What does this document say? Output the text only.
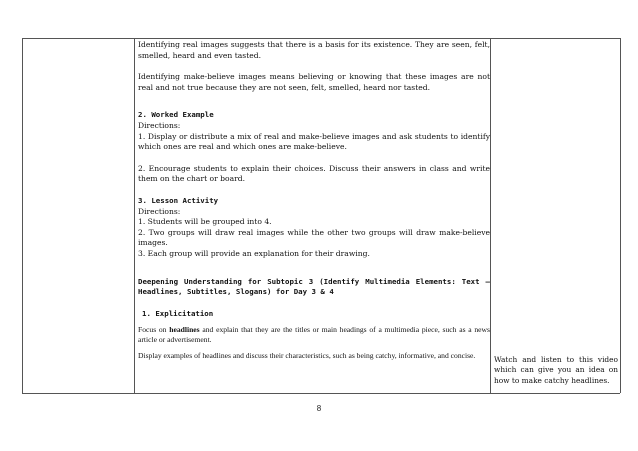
Identifying real images suggests that there is a basis for its existence. They are seen, felt, smelled, heard and even tasted.

Identifying make-believe images means believing or knowing that these images are not real and not true because they are not seen, felt, smelled, heard nor tasted.

2. Worked Example

Directions:

1. Display or distribute a mix of real and make-believe images and ask students to identify which ones are real and which ones are make-believe.

2. Encourage students to explain their choices. Discuss their answers in class and write them on the chart or board.

3. Lesson Activity

Directions:

1. Students will be grouped into 4.

2. Two groups will draw real images while the other two groups will draw make-believe images.

3. Each group will provide an explanation for their drawing.

Deepening Understanding for Subtopic 3 (Identify Multimedia Elements: Text – Headlines, Subtitles, Slogans) for Day 3 & 4

1. Explicitation

Focus on headlines and explain that they are the titles or main headings of a multimedia piece, such as a news article or advertisement.

Display examples of headlines and discuss their characteristics, such as being catchy, informative, and concise.	Watch and listen to this video which can give you an idea on how to make catchy headlines.
8
